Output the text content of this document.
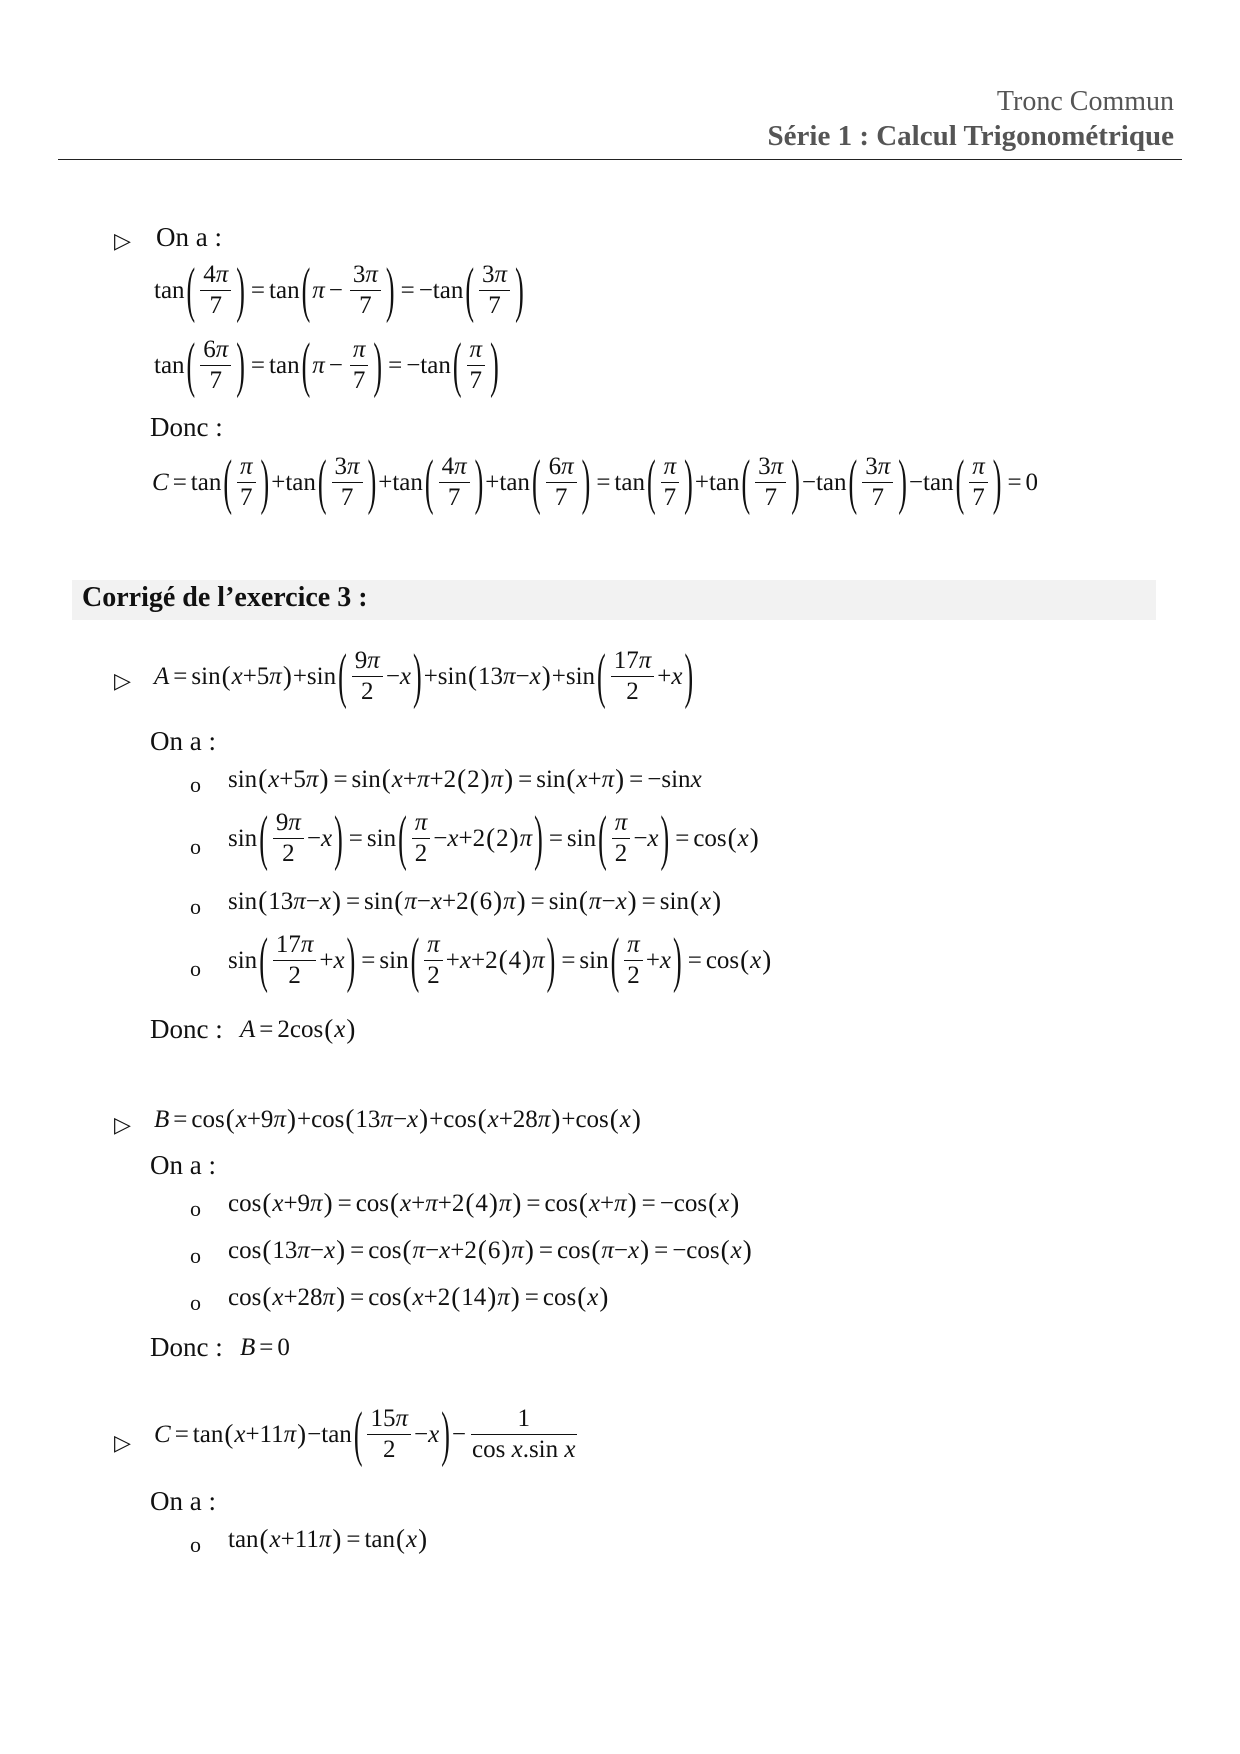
Tronc Commun
Série 1 : Calcul Trigonométrique
▷ On a :
tan ( $\frac{4\pi}{7}$ ) = tan ( $\pi - \frac{3\pi}{7}$ ) = −tan ( $\frac{3\pi}{7}$ )
tan ( $\frac{6\pi}{7}$ ) = tan ( $\pi - \frac{\pi}{7}$ ) = −tan ( $\frac{\pi}{7}$ )
Donc :
C = tan ( $\frac{\pi}{7}$ ) +tan ( $\frac{3\pi}{7}$ ) +tan ( $\frac{4\pi}{7}$ ) +tan ( $\frac{6\pi}{7}$ ) = tan ( $\frac{\pi}{7}$ ) +tan ( $\frac{3\pi}{7}$ ) −tan ( $\frac{3\pi}{7}$ ) −tan ( $\frac{\pi}{7}$ ) = 0
Corrigé de l’exercice 3 :
▷ A = sin ( x +5 π ) +sin ( $\frac{9\pi}{2} - x$ ) +sin ( 13 π − x ) +sin ( $\frac{17\pi}{2} + x$ )
On a :
o sin ( x +5 π ) = sin ( x + π +2 ( 2 ) π ) = sin ( x + π ) = −sin x
o sin ( $\frac{9\pi}{2} - x$ ) = sin ( $\frac{\pi}{2} - x +2$ ( 2 ) π ) = sin ( $\frac{\pi}{2} - x$ ) = cos ( x )
o sin ( 13 π − x ) = sin ( π − x +2 ( 6 ) π ) = sin ( π − x ) = sin ( x )
o sin ( $\frac{17\pi}{2} + x$ ) = sin ( $\frac{\pi}{2} + x +2$ ( 4 ) π ) = sin ( $\frac{\pi}{2} + x$ ) = cos ( x )
Donc : A = 2cos ( x )
▷ B = cos ( x +9 π ) +cos ( 13 π − x ) +cos ( x +28 π ) +cos ( x )
On a :
o cos ( x +9 π ) = cos ( x + π +2 ( 4 ) π ) = cos ( x + π ) = −cos ( x )
o cos ( 13 π − x ) = cos ( π − x +2 ( 6 ) π ) = cos ( π − x ) = −cos ( x )
o cos ( x +28 π ) = cos ( x +2 ( 14 ) π ) = cos ( x )
Donc : B = 0
▷ C = tan ( x +11 π ) −tan ( $\frac{15\pi}{2} - x$ ) − $\frac{1}{\text{cos x.sin x}}$
On a :
o tan ( x +11 π ) = tan ( x )
